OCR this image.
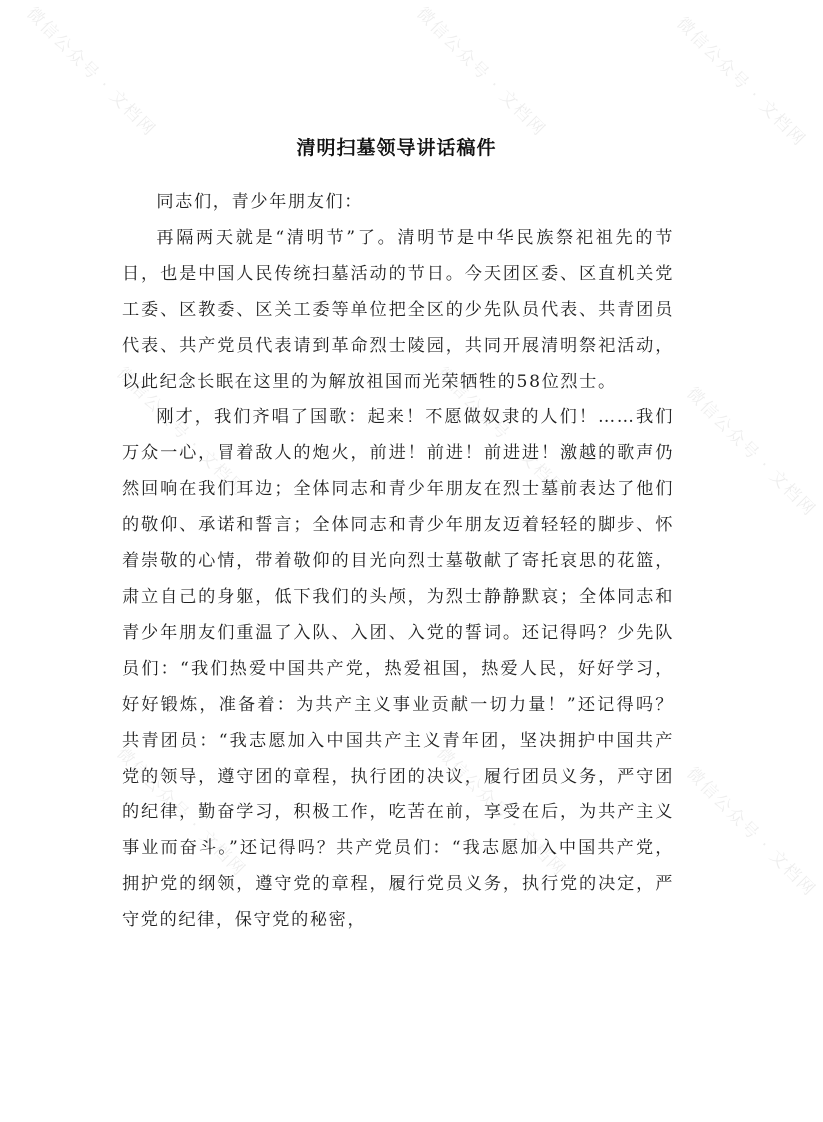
微信公众号 · 文档网	微信公众号 · 文档网	微信公众号 · 文档网
微信公众号 · 文档网	微信公众号 · 文档网	微信公众号 · 文档网
微信公众号 · 文档网	微信公众号 · 文档网	微信公众号 · 文档网
清明扫墓领导讲话稿件

同志们，青少年朋友们：

再隔两天就是“清明节”了。清明节是中华民族祭祀祖先的节日，也是中国人民传统扫墓活动的节日。今天团区委、区直机关党工委、区教委、区关工委等单位把全区的少先队员代表、共青团员代表、共产党员代表请到革命烈士陵园，共同开展清明祭祀活动，以此纪念长眠在这里的为解放祖国而光荣牺牲的58位烈士。

刚才，我们齐唱了国歌：起来！不愿做奴隶的人们！……我们万众一心，冒着敌人的炮火，前进！前进！前进进！激越的歌声仍然回响在我们耳边；全体同志和青少年朋友在烈士墓前表达了他们的敬仰、承诺和誓言；全体同志和青少年朋友迈着轻轻的脚步、怀着崇敬的心情，带着敬仰的目光向烈士墓敬献了寄托哀思的花篮，肃立自己的身躯，低下我们的头颅，为烈士静静默哀；全体同志和青少年朋友们重温了入队、入团、入党的誓词。还记得吗？少先队员们：“我们热爱中国共产党，热爱祖国，热爱人民，好好学习，好好锻炼，准备着：为共产主义事业贡献一切力量！”还记得吗？共青团员：“我志愿加入中国共产主义青年团，坚决拥护中国共产党的领导，遵守团的章程，执行团的决议，履行团员义务，严守团的纪律，勤奋学习，积极工作，吃苦在前，享受在后，为共产主义事业而奋斗。”还记得吗？共产党员们：“我志愿加入中国共产党，拥护党的纲领，遵守党的章程，履行党员义务，执行党的决定，严守党的纪律，保守党的秘密，
